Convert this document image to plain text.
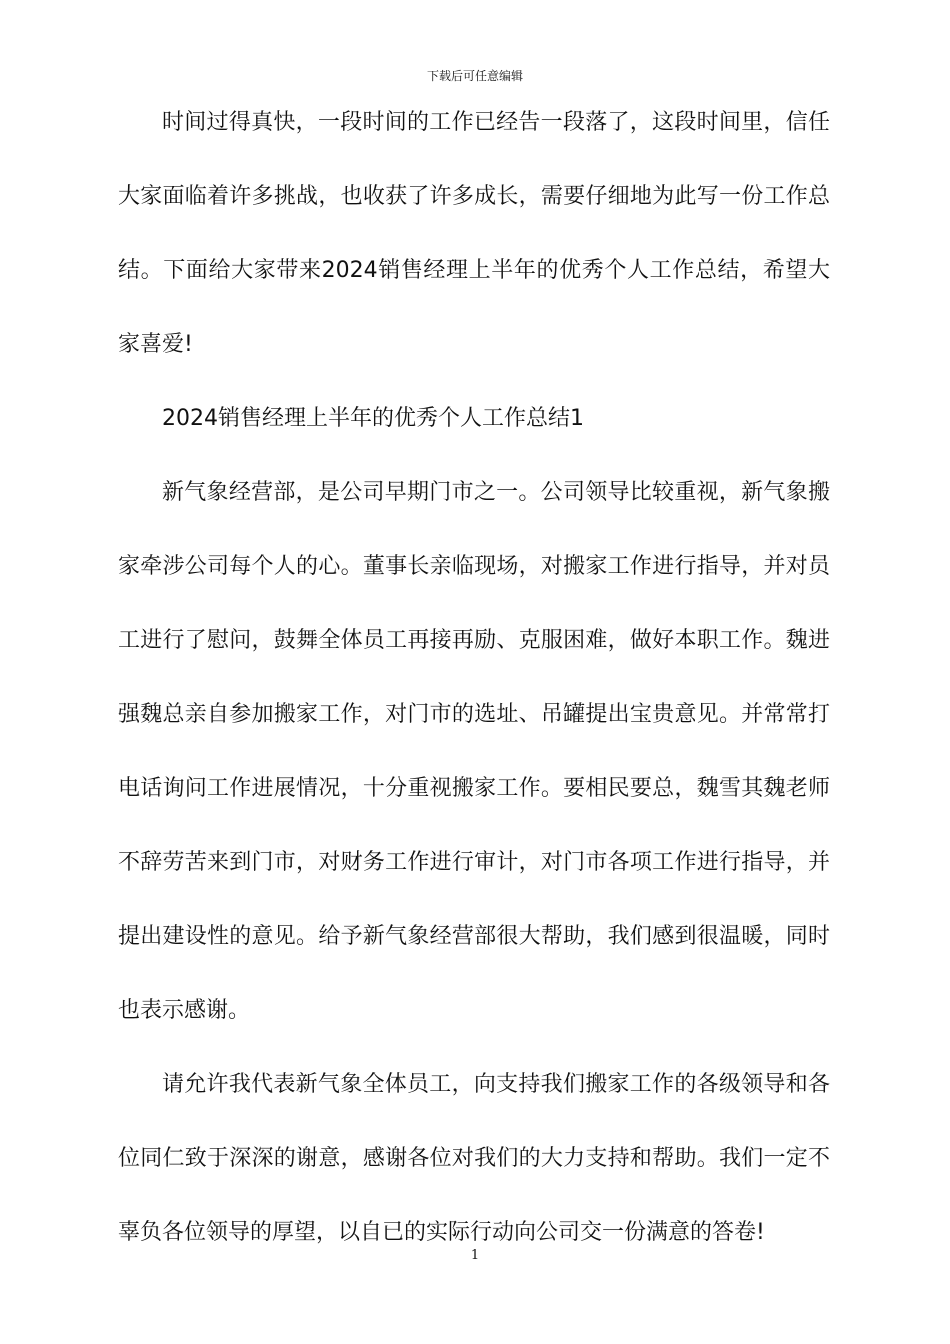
下载后可任意编辑

时间过得真快，一段时间的工作已经告一段落了，这段时间里，信任大家面临着许多挑战，也收获了许多成长，需要仔细地为此写一份工作总结。下面给大家带来2024销售经理上半年的优秀个人工作总结，希望大家喜爱!

2024销售经理上半年的优秀个人工作总结1

新气象经营部，是公司早期门市之一。公司领导比较重视，新气象搬家牵涉公司每个人的心。董事长亲临现场，对搬家工作进行指导，并对员工进行了慰问，鼓舞全体员工再接再励、克服困难，做好本职工作。魏进强魏总亲自参加搬家工作，对门市的选址、吊罐提出宝贵意见。并常常打电话询问工作进展情况，十分重视搬家工作。要相民要总，魏雪其魏老师不辞劳苦来到门市，对财务工作进行审计，对门市各项工作进行指导，并提出建设性的意见。给予新气象经营部很大帮助，我们感到很温暖，同时也表示感谢。

请允许我代表新气象全体员工，向支持我们搬家工作的各级领导和各位同仁致于深深的谢意，感谢各位对我们的大力支持和帮助。我们一定不辜负各位领导的厚望，以自已的实际行动向公司交一份满意的答卷!

1
